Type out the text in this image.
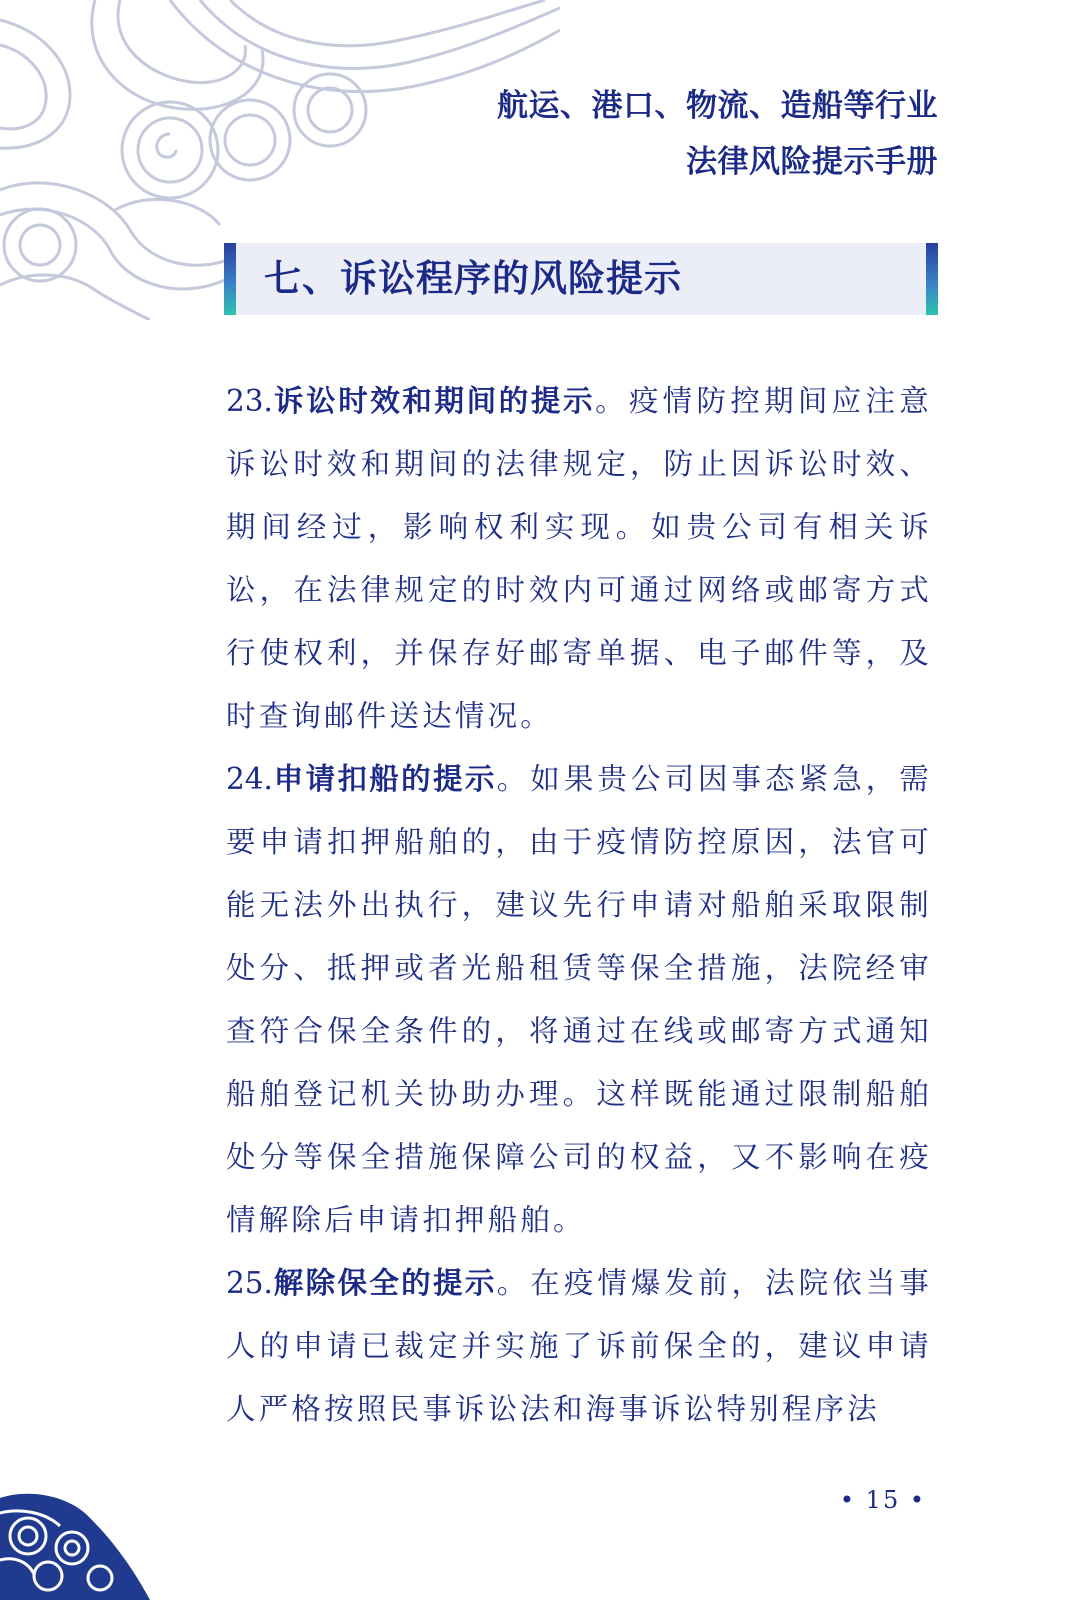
航运、港口、物流、造船等行业
法律风险提示手册
七、诉讼程序的风险提示

23.诉讼时效和期间的提示。疫情防控期间应注意诉讼时效和期间的法律规定，防止因诉讼时效、期间经过，影响权利实现。如贵公司有相关诉讼，在法律规定的时效内可通过网络或邮寄方式行使权利，并保存好邮寄单据、电子邮件等，及时查询邮件送达情况。

24.申请扣船的提示。如果贵公司因事态紧急，需要申请扣押船舶的，由于疫情防控原因，法官可能无法外出执行，建议先行申请对船舶采取限制处分、抵押或者光船租赁等保全措施，法院经审查符合保全条件的，将通过在线或邮寄方式通知船舶登记机关协助办理。这样既能通过限制船舶处分等保全措施保障公司的权益，又不影响在疫情解除后申请扣押船舶。

25.解除保全的提示。在疫情爆发前，法院依当事人的申请已裁定并实施了诉前保全的，建议申请人严格按照民事诉讼法和海事诉讼特别程序法

• 15 •
